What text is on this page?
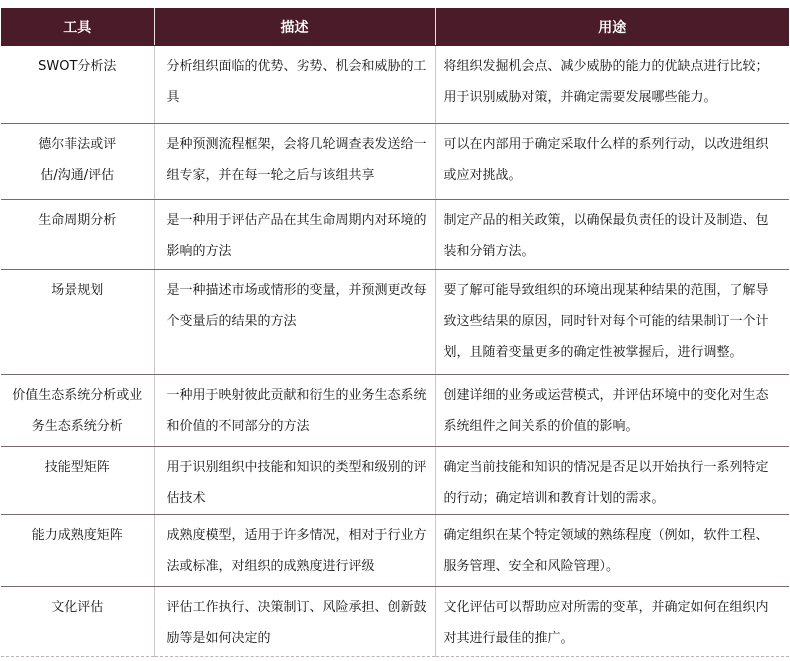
工具	描述	用途
SWOT分析法	分析组织面临的优势、劣势、机会和威胁的工具	将组织发掘机会点、减少威胁的能力的优缺点进行比较；用于识别威胁对策，并确定需要发展哪些能力。
德尔菲法或评估/沟通/评估	是种预测流程框架，会将几轮调查表发送给一组专家，并在每一轮之后与该组共享	可以在内部用于确定采取什么样的系列行动，以改进组织或应对挑战。
生命周期分析	是一种用于评估产品在其生命周期内对环境的影响的方法	制定产品的相关政策，以确保最负责任的设计及制造、包装和分销方法。
场景规划	是一种描述市场或情形的变量，并预测更改每个变量后的结果的方法	要了解可能导致组织的环境出现某种结果的范围，了解导致这些结果的原因，同时针对每个可能的结果制订一个计划，且随着变量更多的确定性被掌握后，进行调整。
价值生态系统分析或业务生态系统分析	一种用于映射彼此贡献和衍生的业务生态系统和价值的不同部分的方法	创建详细的业务或运营模式，并评估环境中的变化对生态系统组件之间关系的价值的影响。
技能型矩阵	用于识别组织中技能和知识的类型和级别的评估技术	确定当前技能和知识的情况是否足以开始执行一系列特定的行动；确定培训和教育计划的需求。
能力成熟度矩阵	成熟度模型，适用于许多情况，相对于行业方法或标准，对组织的成熟度进行评级	确定组织在某个特定领域的熟练程度（例如，软件工程、服务管理、安全和风险管理）。
文化评估	评估工作执行、决策制订、风险承担、创新鼓励等是如何决定的	文化评估可以帮助应对所需的变革，并确定如何在组织内对其进行最佳的推广。
